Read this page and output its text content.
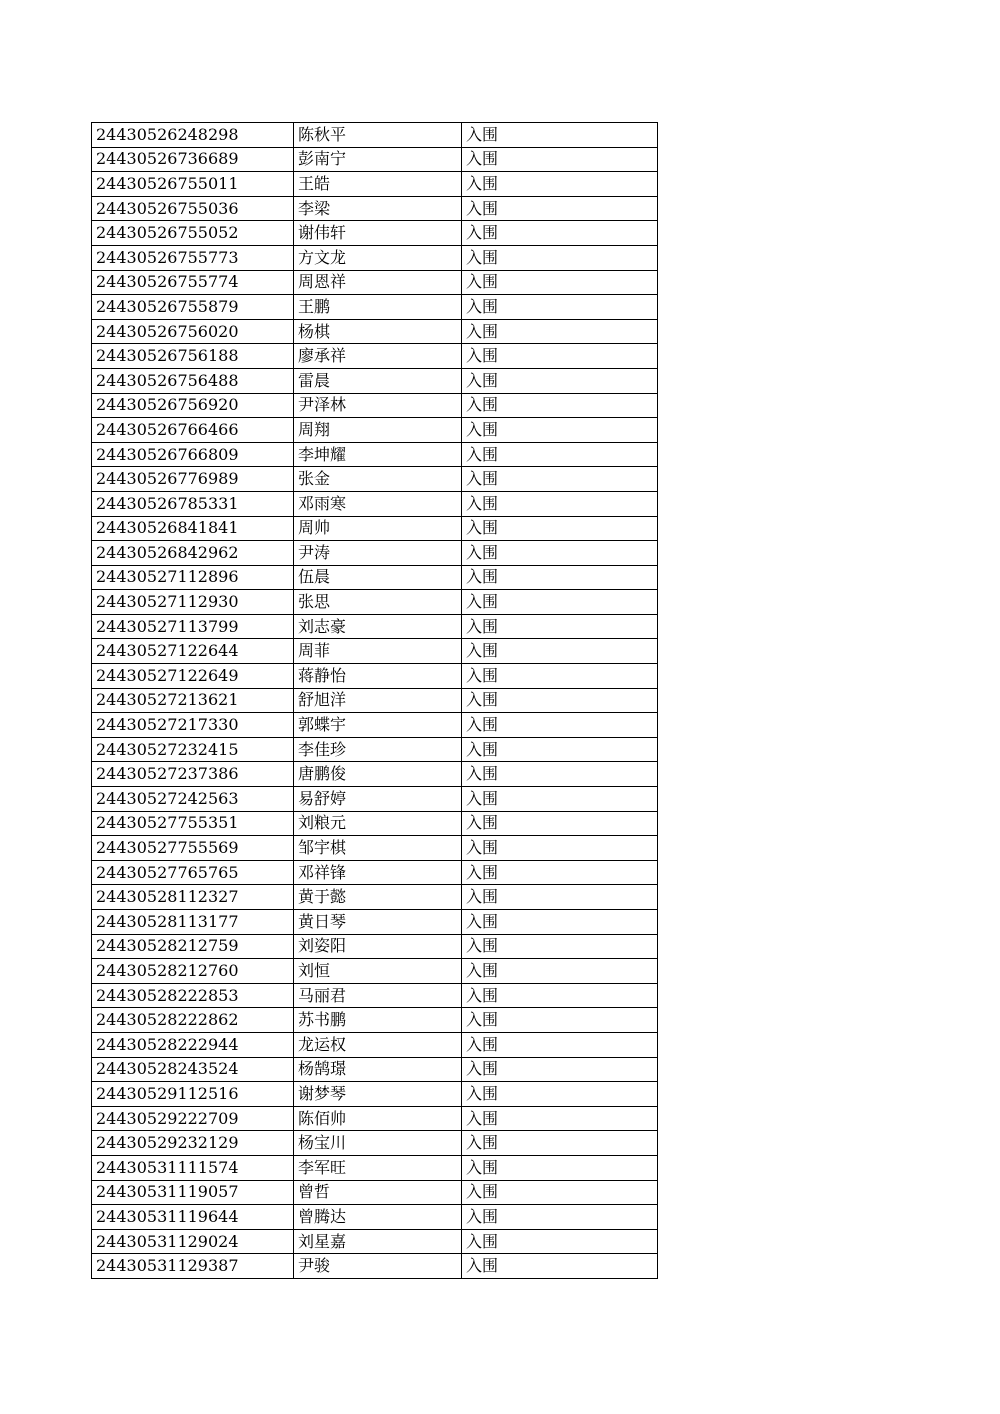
24430526248298	陈秋平	入围
24430526736689	彭南宁	入围
24430526755011	王皓	入围
24430526755036	李梁	入围
24430526755052	谢伟轩	入围
24430526755773	方文龙	入围
24430526755774	周恩祥	入围
24430526755879	王鹏	入围
24430526756020	杨棋	入围
24430526756188	廖承祥	入围
24430526756488	雷晨	入围
24430526756920	尹泽林	入围
24430526766466	周翔	入围
24430526766809	李坤耀	入围
24430526776989	张金	入围
24430526785331	邓雨寒	入围
24430526841841	周帅	入围
24430526842962	尹涛	入围
24430527112896	伍晨	入围
24430527112930	张思	入围
24430527113799	刘志豪	入围
24430527122644	周菲	入围
24430527122649	蒋静怡	入围
24430527213621	舒旭洋	入围
24430527217330	郭蝶宇	入围
24430527232415	李佳珍	入围
24430527237386	唐鹏俊	入围
24430527242563	易舒婷	入围
24430527755351	刘粮元	入围
24430527755569	邹宇棋	入围
24430527765765	邓祥锋	入围
24430528112327	黄于懿	入围
24430528113177	黄日琴	入围
24430528212759	刘姿阳	入围
24430528212760	刘恒	入围
24430528222853	马丽君	入围
24430528222862	苏书鹏	入围
24430528222944	龙运权	入围
24430528243524	杨鹄璟	入围
24430529112516	谢梦琴	入围
24430529222709	陈佰帅	入围
24430529232129	杨宝川	入围
24430531111574	李军旺	入围
24430531119057	曾哲	入围
24430531119644	曾腾达	入围
24430531129024	刘星嘉	入围
24430531129387	尹骏	入围
